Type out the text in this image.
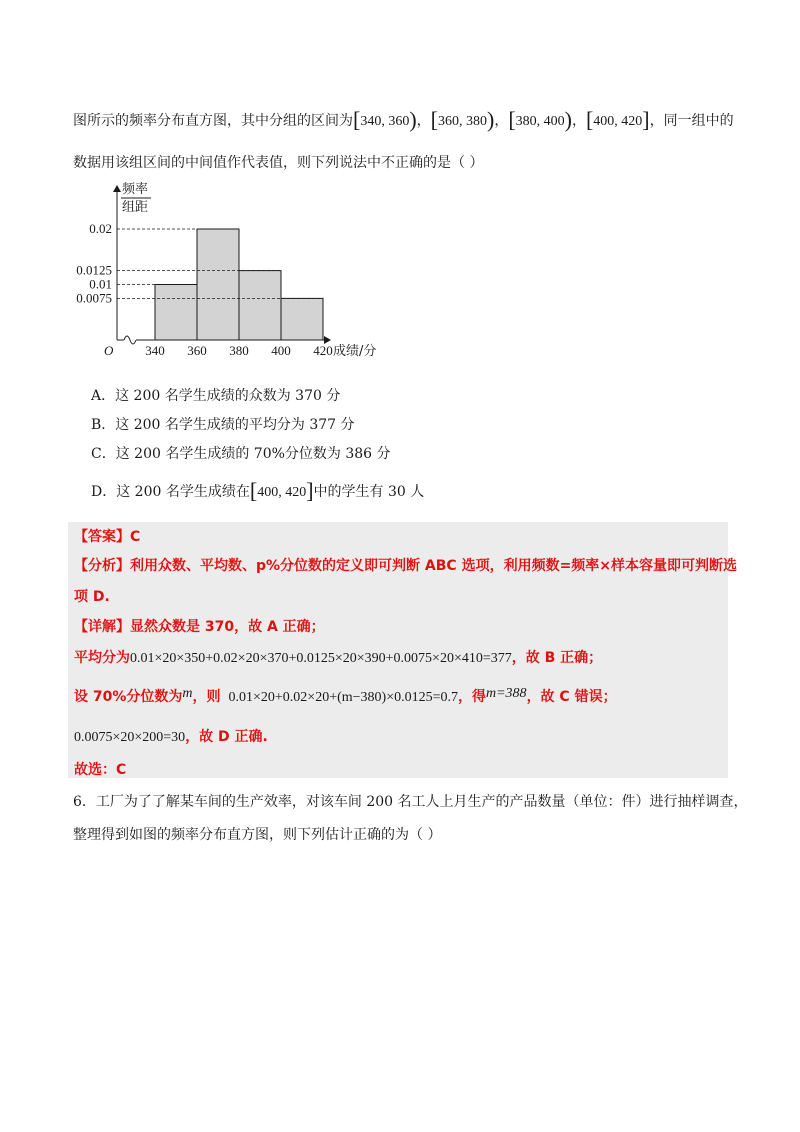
图所示的频率分布直方图，其中分组的区间为[340, 360)，[360, 380)，[380, 400)，[400, 420]，同一组中的
数据用该组区间的中间值作代表值，则下列说法中不正确的是（ ）
频率
组距
成绩/分
O
0.02
0.0125
0.01
0.0075
340 360 380 400 420
A．这 200 名学生成绩的众数为 370 分
B．这 200 名学生成绩的平均分为 377 分
C．这 200 名学生成绩的 70%分位数为 386 分
D．这 200 名学生成绩在[400, 420]中的学生有 30 人
【答案】C
【分析】利用众数、平均数、p%分位数的定义即可判断 ABC 选项，利用频数=频率×样本容量即可判断选
项 D.
【详解】显然众数是 370，故 A 正确；
平均分为0.01×20×350+0.02×20×370+0.0125×20×390+0.0075×20×410=377，故 B 正确；
设 70%分位数为m，则 0.01×20+0.02×20+(m−380)×0.0125=0.7，得m=388，故 C 错误；
0.0075×20×200=30，故 D 正确.
故选：C
6．工厂为了了解某车间的生产效率，对该车间 200 名工人上月生产的产品数量（单位：件）进行抽样调查，
整理得到如图的频率分布直方图，则下列估计正确的为（ ）
